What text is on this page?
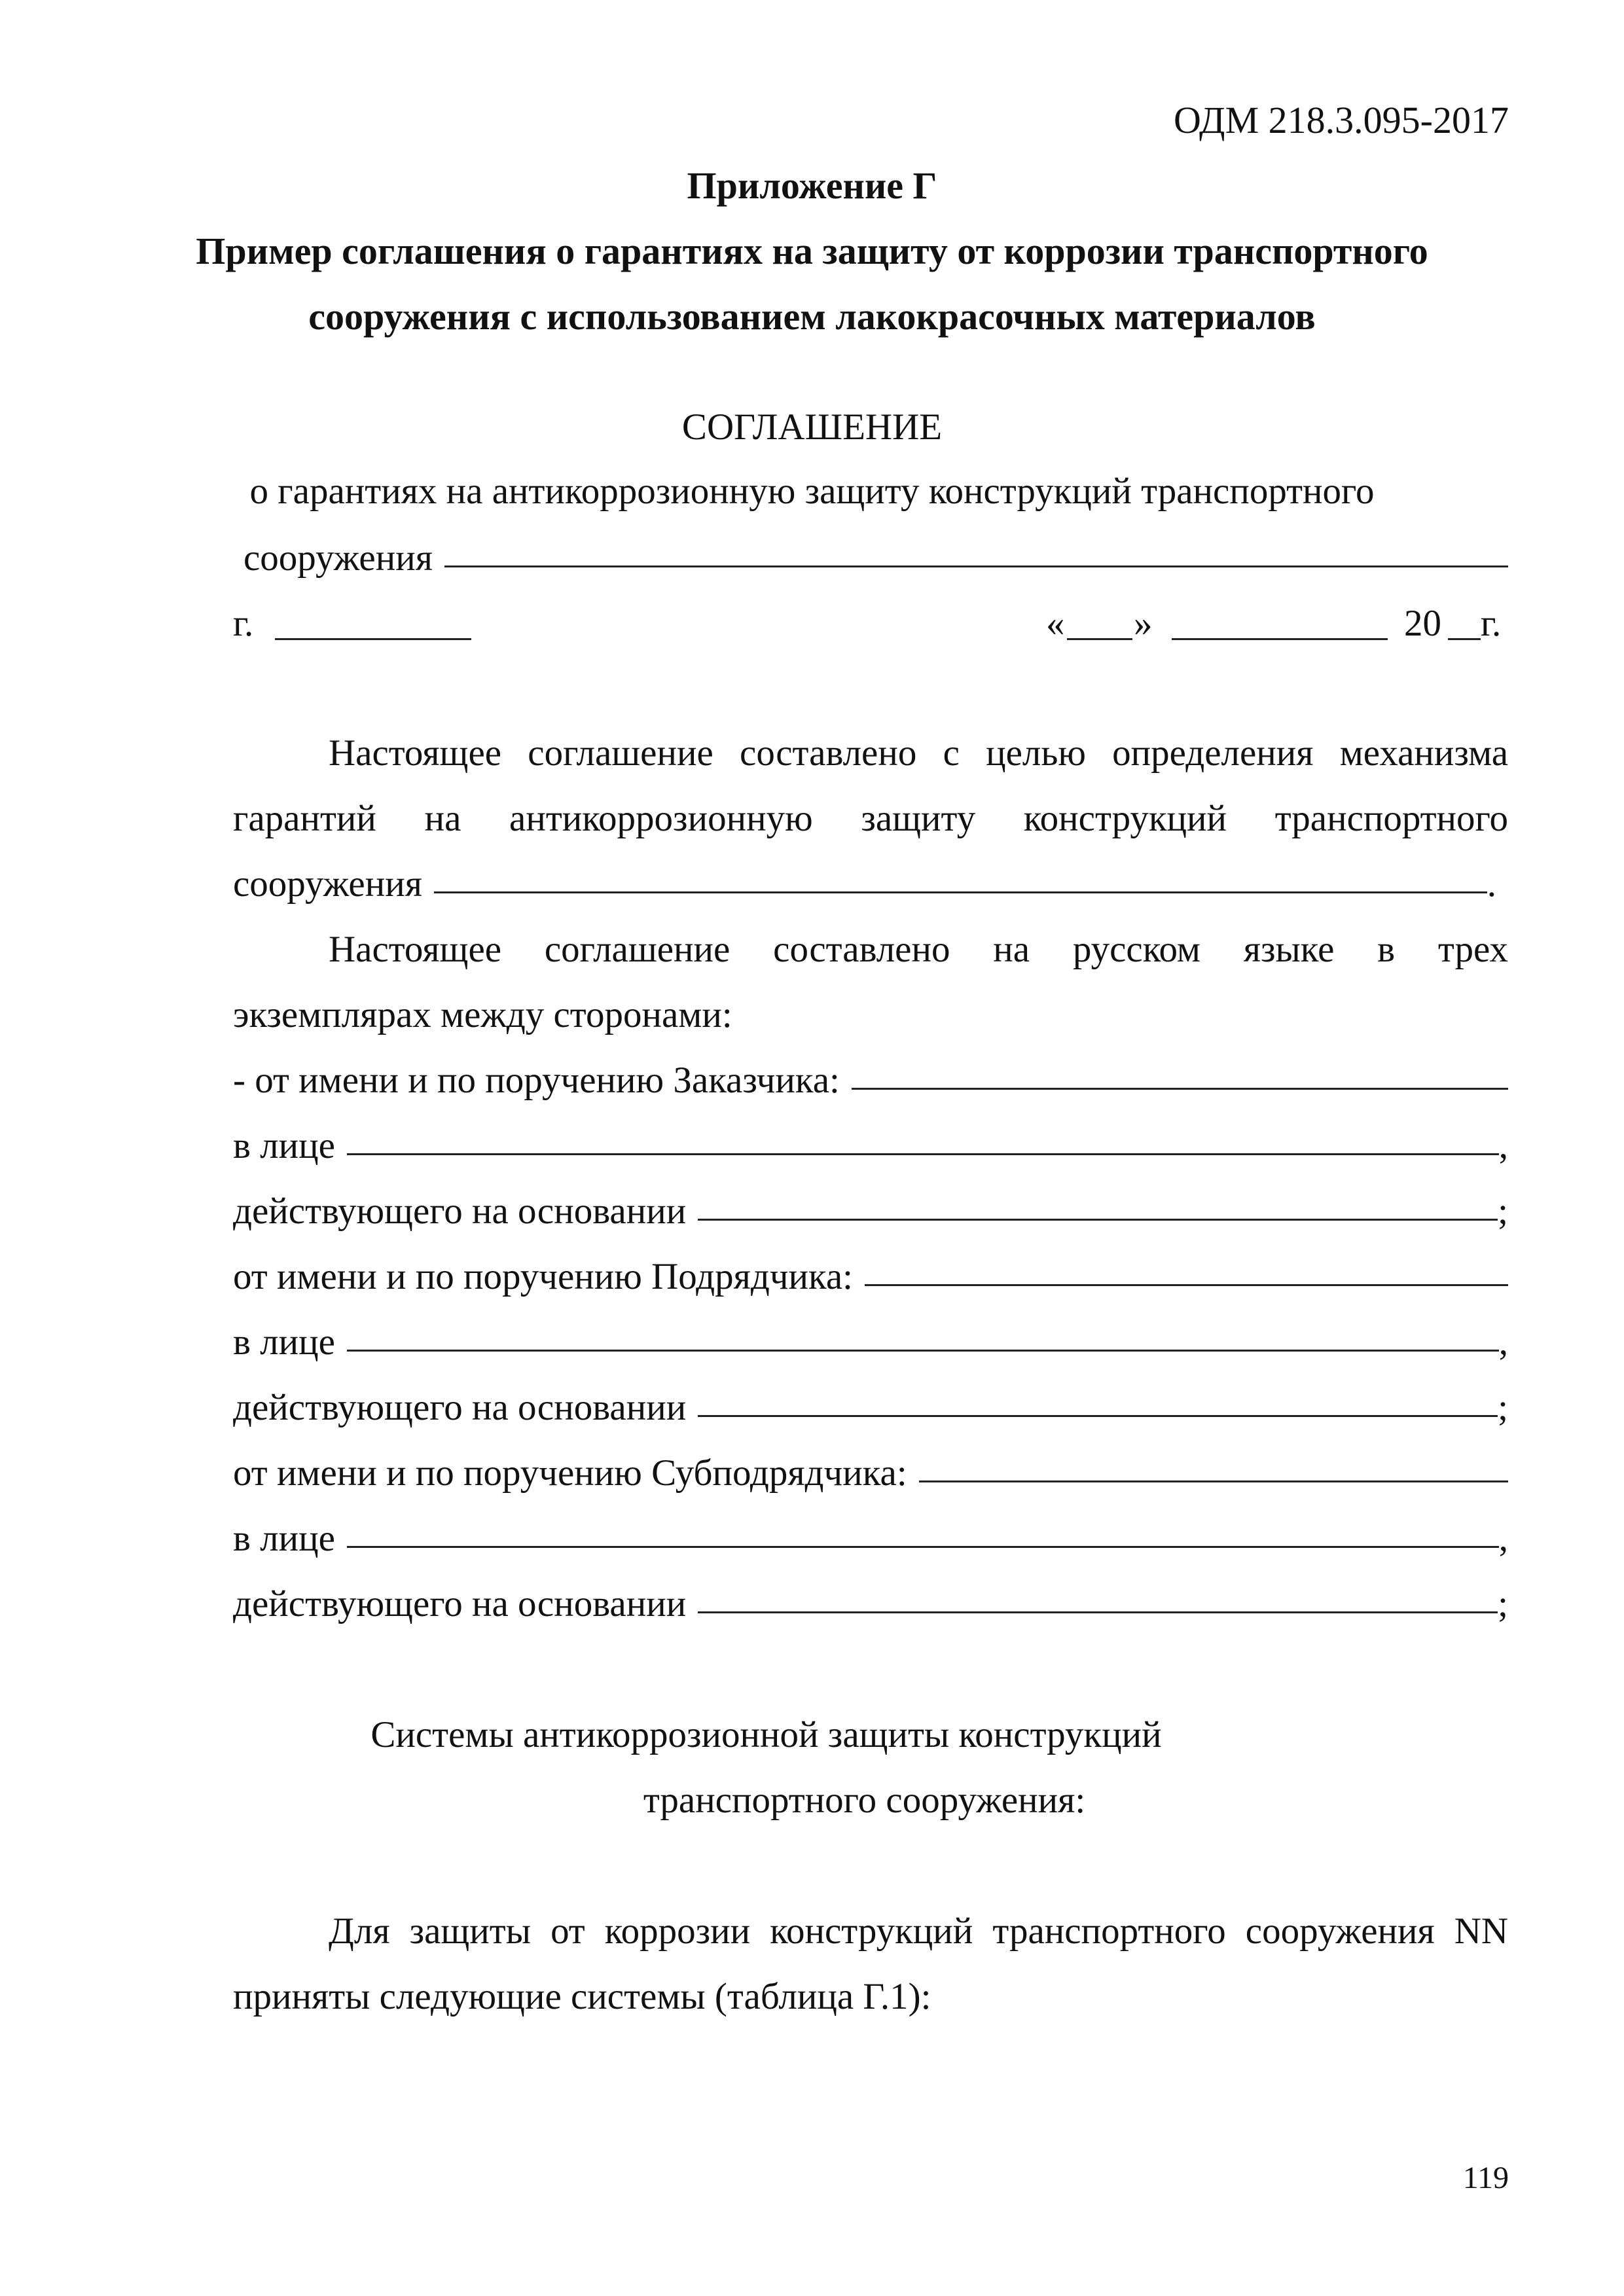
ОДМ 218.3.095-2017
Приложение Г
Пример соглашения о гарантиях на защиту от коррозии транспортного
сооружения с использованием лакокрасочных материалов
СОГЛАШЕНИЕ
о гарантиях на антикоррозионную защиту конструкций транспортного
сооружения
г.	« »	20 г.
Настоящее соглашение составлено с целью определения механизма
гарантий на антикоррозионную защиту конструкций транспортного
сооружения	.
Настоящее соглашение составлено на русском языке в трех
экземплярах между сторонами:
- от имени и по поручению Заказчика:
в лице	,
действующего на основании	;
от имени и по поручению Подрядчика:
в лице	,
действующего на основании	;
от имени и по поручению Субподрядчика:
в лице	,
действующего на основании	;
Системы антикоррозионной защиты конструкций
транспортного сооружения:
Для защиты от коррозии конструкций транспортного сооружения NN
приняты следующие системы (таблица Г.1):
119
